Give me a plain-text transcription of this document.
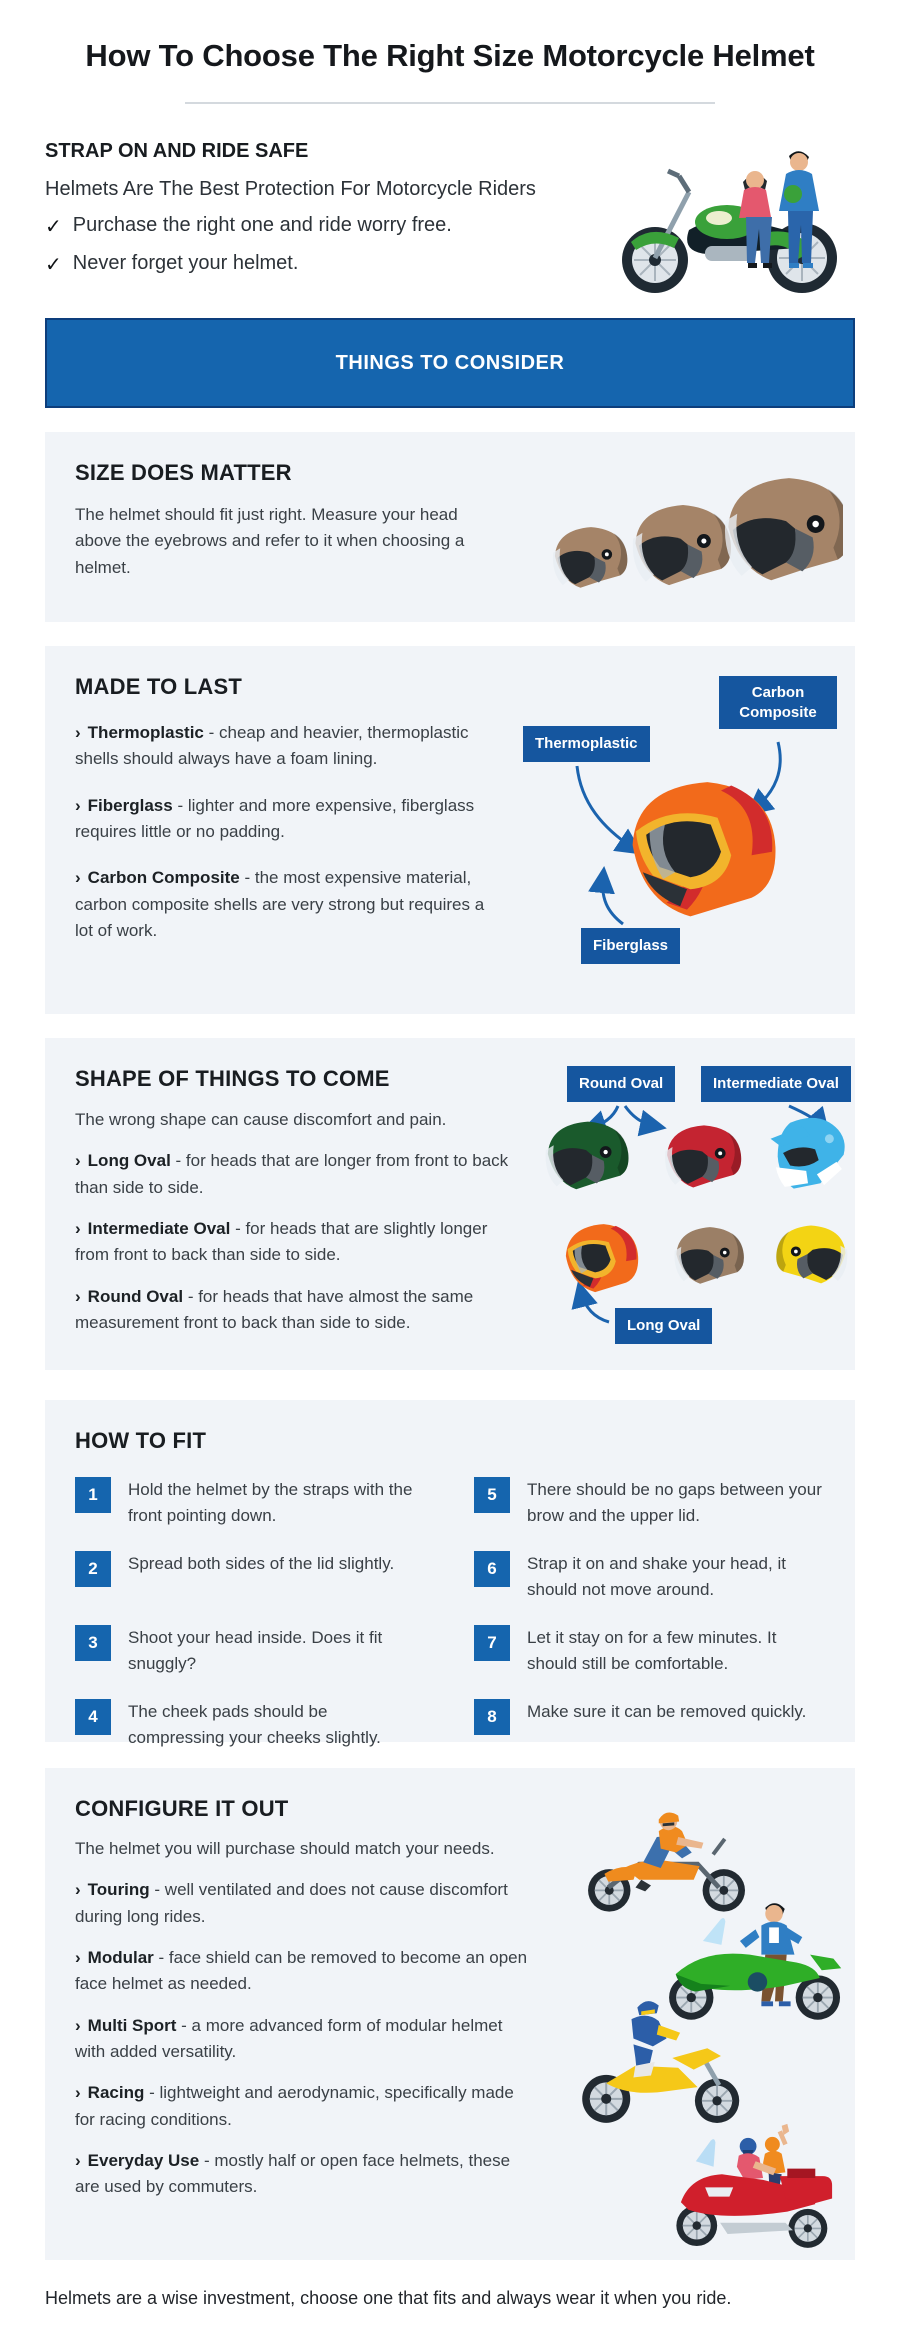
How To Choose The Right Size Motorcycle Helmet
STRAP ON AND RIDE SAFE

Helmets Are The Best Protection For Motorcycle Riders

✓ Purchase the right one and ride worry free.
✓ Never forget your helmet.
THINGS TO CONSIDER
SIZE DOES MATTER

The helmet should fit just right. Measure your head above the eyebrows and refer to it when choosing a helmet.

MADE TO LAST

› Thermoplastic - cheap and heavier, thermoplastic shells should always have a foam lining.

› Fiberglass - lighter and more expensive, fiberglass requires little or no padding.

› Carbon Composite - the most expensive material, carbon composite shells are very strong but requires a lot of work.

Thermoplastic
Carbon Composite
Fiberglass
SHAPE OF THINGS TO COME

The wrong shape can cause discomfort and pain.

› Long Oval - for heads that are longer from front to back than side to side.

› Intermediate Oval - for heads that are slightly longer from front to back than side to side.

› Round Oval - for heads that have almost the same measurement front to back than side to side.

Round Oval	Intermediate Oval
Long Oval
HOW TO FIT
1	Hold the helmet by the straps with the front pointing down.

5	There should be no gaps between your brow and the upper lid.

2	Spread both sides of the lid slightly.	6	Strap it on and shake your head, it should not move around.

3	Shoot your head inside. Does it fit snuggly?

7	Let it stay on for a few minutes. It should still be comfortable.

4	The cheek pads should be compressing your cheeks slightly.

8	Make sure it can be removed quickly.

CONFIGURE IT OUT

The helmet you will purchase should match your needs.

› Touring - well ventilated and does not cause discomfort during long rides.

› Modular - face shield can be removed to become an open face helmet as needed.

› Multi Sport - a more advanced form of modular helmet with added versatility.

› Racing - lightweight and aerodynamic, specifically made for racing conditions.

› Everyday Use - mostly half or open face helmets, these are used by commuters.

Helmets are a wise investment, choose one that fits and always wear it when you ride.
